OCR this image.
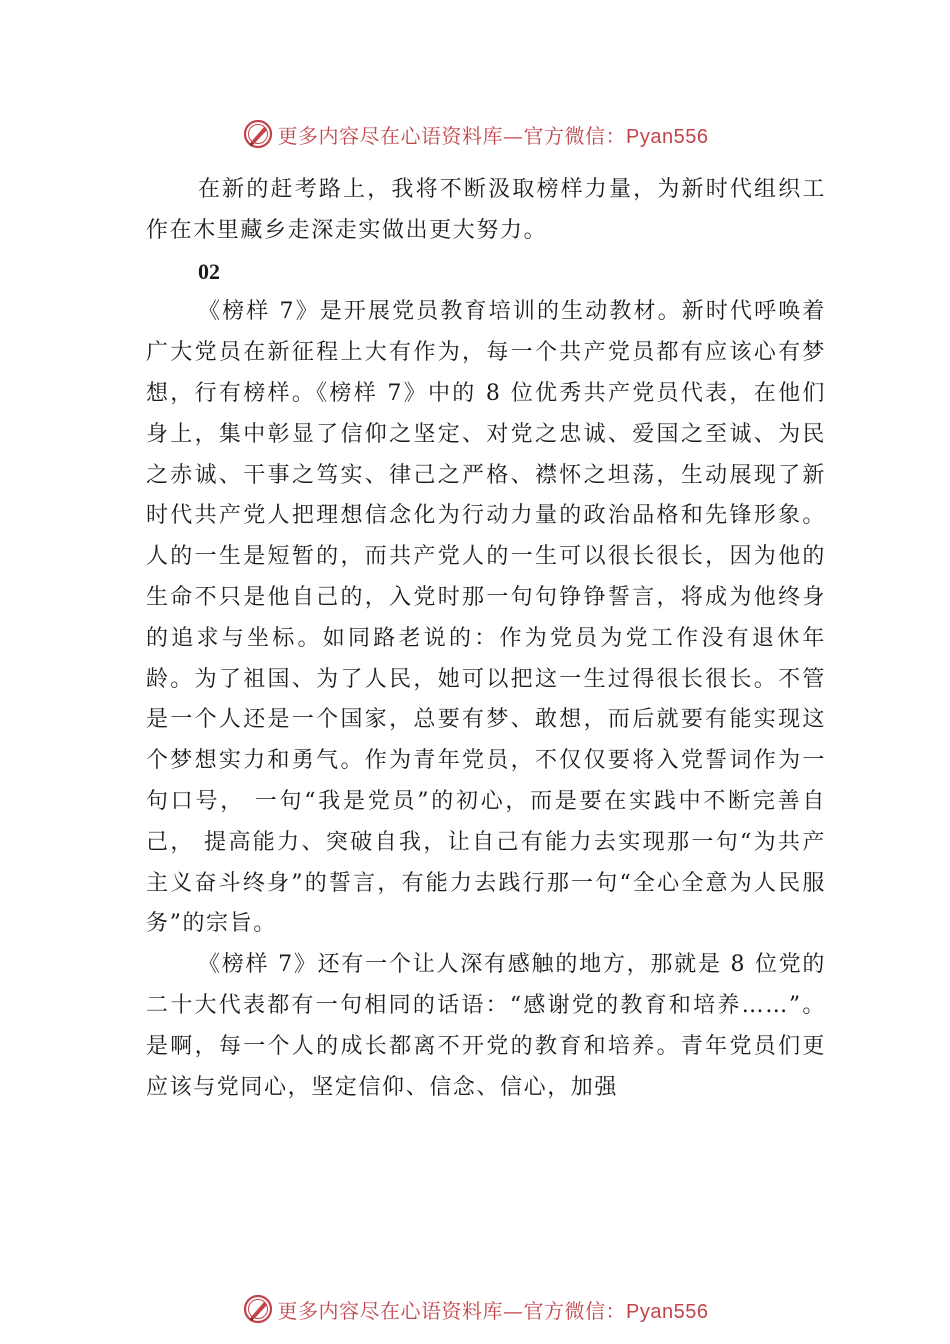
更多内容尽在心语资料库—官方微信：Pyan556

在新的赶考路上，我将不断汲取榜样力量，为新时代组织工作在木里藏乡走深走实做出更大努力。

02

《榜样 7》是开展党员教育培训的生动教材。新时代呼唤着广大党员在新征程上大有作为，每一个共产党员都有应该心有梦想，行有榜样。《榜样 7》中的 8 位优秀共产党员代表，在他们身上，集中彰显了信仰之坚定、对党之忠诚、爱国之至诚、为民之赤诚、干事之笃实、律己之严格、襟怀之坦荡，生动展现了新时代共产党人把理想信念化为行动力量的政治品格和先锋形象。人的一生是短暂的，而共产党人的一生可以很长很长，因为他的生命不只是他自己的，入党时那一句句铮铮誓言，将成为他终身的追求与坐标。如同路老说的：作为党员为党工作没有退休年龄。为了祖国、为了人民，她可以把这一生过得很长很长。不管是一个人还是一个国家，总要有梦、敢想，而后就要有能实现这个梦想实力和勇气。作为青年党员，不仅仅要将入党誓词作为一句口号， 一句“我是党员”的初心，而是要在实践中不断完善自己， 提高能力、突破自我，让自己有能力去实现那一句“为共产主义奋斗终身”的誓言，有能力去践行那一句“全心全意为人民服务”的宗旨。

《榜样 7》还有一个让人深有感触的地方，那就是 8 位党的二十大代表都有一句相同的话语：“感谢党的教育和培养……”。是啊，每一个人的成长都离不开党的教育和培养。青年党员们更应该与党同心，坚定信仰、信念、信心，加强

更多内容尽在心语资料库—官方微信：Pyan556
